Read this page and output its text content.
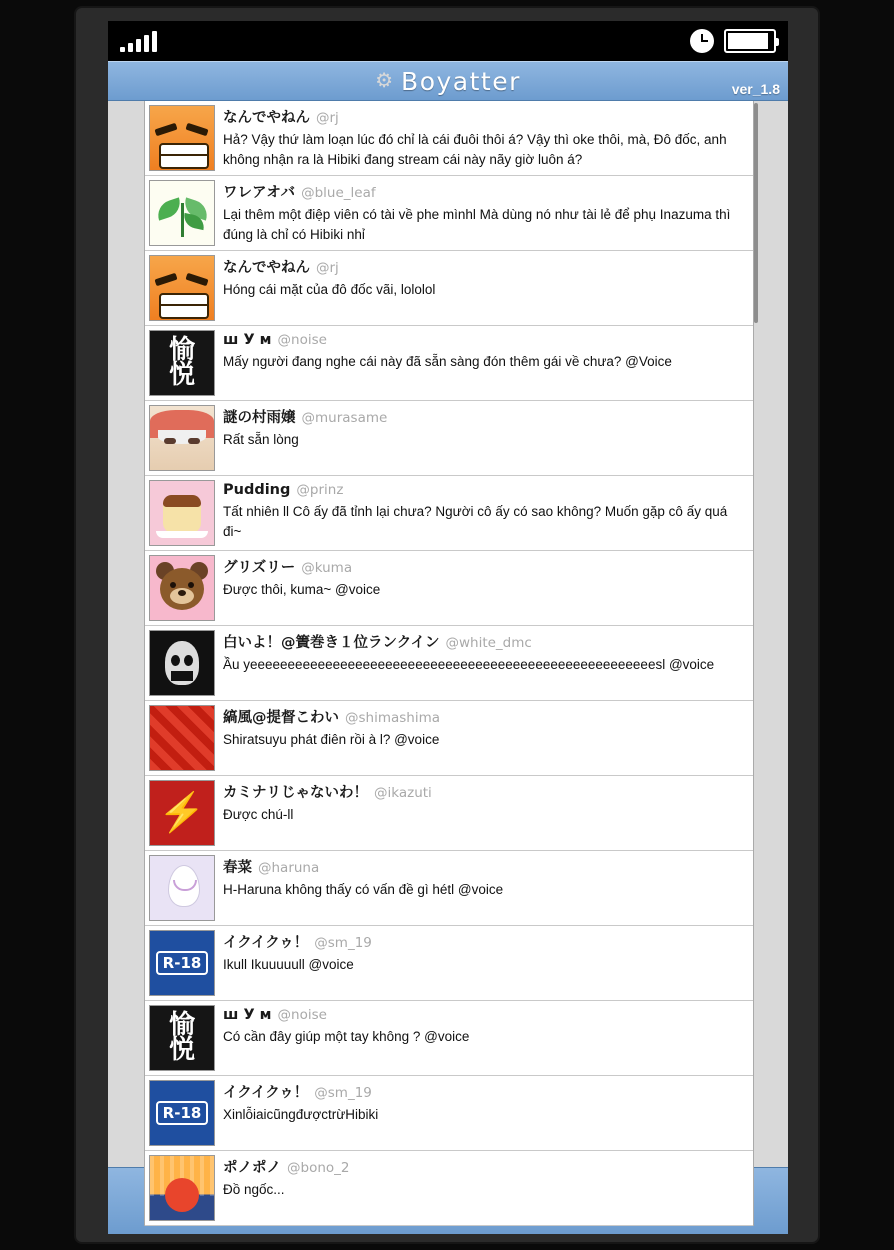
⚙ Boyatter	ver_1.8
なんでやねん @rj
Hả? Vậy thứ làm loạn lúc đó chỉ là cái đuôi thôi á? Vậy thì oke thôi, mà, Đô đốc, anh không nhận ra là Hibiki đang stream cái này nãy giờ luôn á?
ワレアオバ @blue_leaf
Lại thêm một điệp viên có tài về phe mìnhl Mà dùng nó như tài lẻ để phụ Inazuma thì đúng là chỉ có Hibiki nhỉ
なんでやねん @rj
Hóng cái mặt của đô đốc vãi, lololol
愉
悦
ш У м @noise
Mấy người đang nghe cái này đã sẵn sàng đón thêm gái về chưa? @Voice
謎の村雨嬢 @murasame
Rất sẵn lòng
Pudding @prinz
Tất nhiên ll Cô ấy đã tỉnh lại chưa? Người cô ấy có sao không? Muốn gặp cô ấy quá đi~
グリズリー @kuma
Được thôi, kuma~ @voice
白いよ！@簀巻き１位ランクイン @white_dmc
Ầu yeeeeeeeeeeeeeeeeeeeeeeeeeeeeeeeeeeeeeeeeeeeeeeeeeeeeeesl @voice
縞風@提督こわい @shimashima
Shiratsuyu phát điên rồi à l? @voice
⚡ カミナリじゃないわ！ @ikazuti
Được chú-ll
春菜 @haruna
H-Haruna không thấy có vấn đề gì hétl @voice
R-18
イクイクゥ！ @sm_19
Ikull Ikuuuuull @voice
愉
悦
ш У м @noise
Có cần đây giúp một tay không ? @voice
R-18
イクイクゥ！ @sm_19
XinlỗiaicũngđượctrừHibiki
ポノポノ @bono_2
Đồ ngốc...
